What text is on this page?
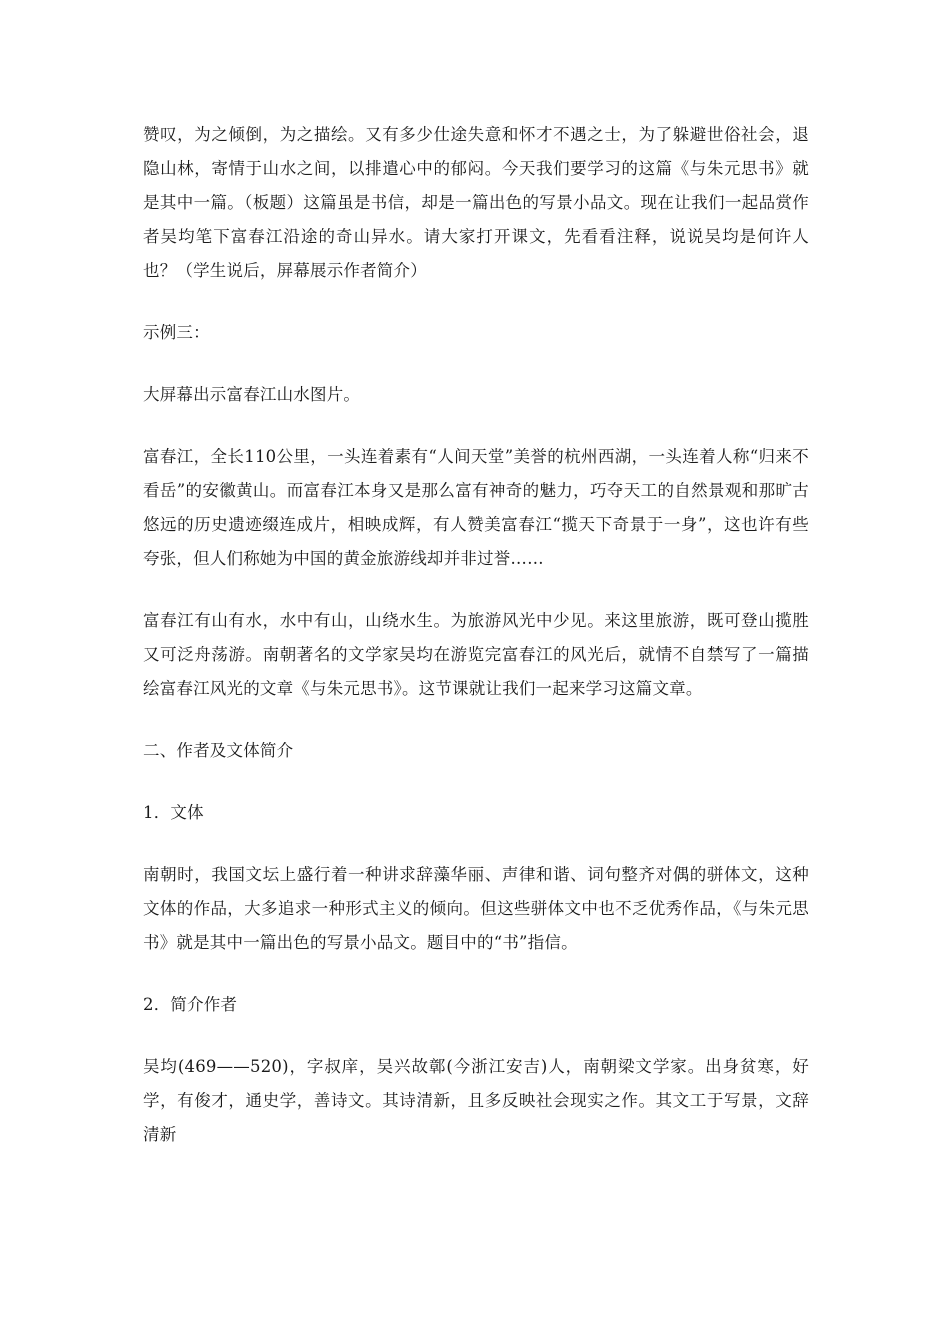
赞叹，为之倾倒，为之描绘。又有多少仕途失意和怀才不遇之士，为了躲避世俗社会，退隐山林，寄情于山水之间，以排遣心中的郁闷。今天我们要学习的这篇《与朱元思书》就是其中一篇。（板题）这篇虽是书信，却是一篇出色的写景小品文。现在让我们一起品赏作者吴均笔下富春江沿途的奇山异水。请大家打开课文，先看看注释，说说吴均是何许人也？（学生说后，屏幕展示作者简介）

示例三：

大屏幕出示富春江山水图片。

富春江，全长110公里，一头连着素有“人间天堂”美誉的杭州西湖，一头连着人称“归来不看岳”的安徽黄山。而富春江本身又是那么富有神奇的魅力，巧夺天工的自然景观和那旷古悠远的历史遗迹缀连成片，相映成辉，有人赞美富春江“揽天下奇景于一身”，这也许有些夸张，但人们称她为中国的黄金旅游线却并非过誉……

富春江有山有水，水中有山，山绕水生。为旅游风光中少见。来这里旅游，既可登山揽胜又可泛舟荡游。南朝著名的文学家吴均在游览完富春江的风光后，就情不自禁写了一篇描绘富春江风光的文章《与朱元思书》。这节课就让我们一起来学习这篇文章。

二、作者及文体简介

1．文体

南朝时，我国文坛上盛行着一种讲求辞藻华丽、声律和谐、词句整齐对偶的骈体文，这种文体的作品，大多追求一种形式主义的倾向。但这些骈体文中也不乏优秀作品，《与朱元思书》就是其中一篇出色的写景小品文。题目中的“书”指信。

2．简介作者

吴均(469——520)，字叔庠，吴兴故鄣(今浙江安吉)人，南朝梁文学家。出身贫寒，好学，有俊才，通史学，善诗文。其诗清新，且多反映社会现实之作。其文工于写景，文辞清新
